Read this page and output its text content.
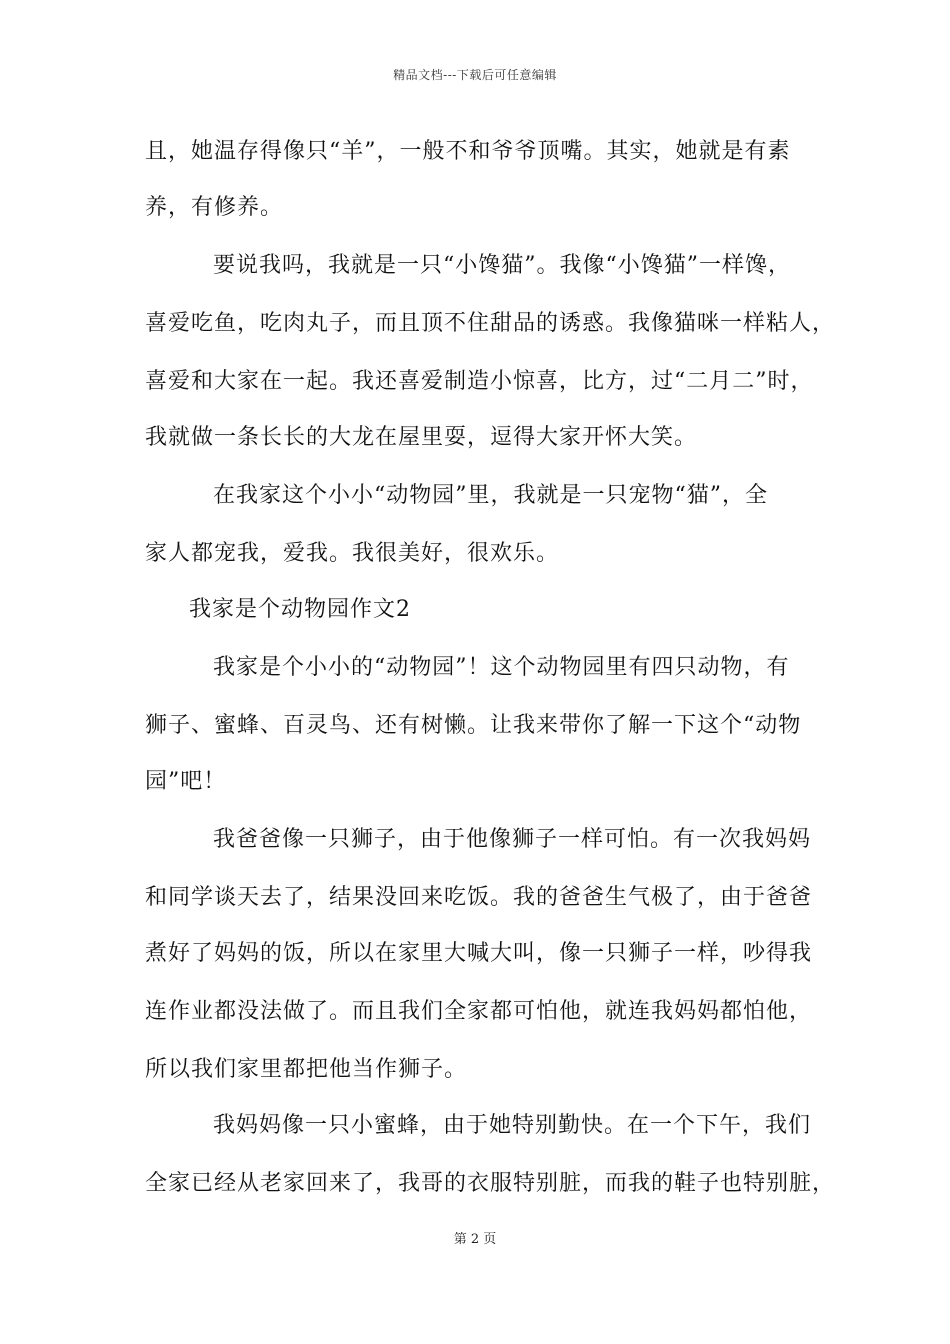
精品文档---下载后可任意编辑
且，她温存得像只“羊”，一般不和爷爷顶嘴。其实，她就是有素
养，有修养。
要说我吗，我就是一只“小馋猫”。我像“小馋猫”一样馋，
喜爱吃鱼，吃肉丸子，而且顶不住甜品的诱惑。我像猫咪一样粘人，
喜爱和大家在一起。我还喜爱制造小惊喜，比方，过“二月二”时，
我就做一条长长的大龙在屋里耍，逗得大家开怀大笑。
在我家这个小小“动物园”里，我就是一只宠物“猫”，全
家人都宠我，爱我。我很美好，很欢乐。
我家是个动物园作文2
我家是个小小的“动物园”！这个动物园里有四只动物，有
狮子、蜜蜂、百灵鸟、还有树懒。让我来带你了解一下这个“动物
园”吧！
我爸爸像一只狮子，由于他像狮子一样可怕。有一次我妈妈
和同学谈天去了，结果没回来吃饭。我的爸爸生气极了，由于爸爸
煮好了妈妈的饭，所以在家里大喊大叫，像一只狮子一样，吵得我
连作业都没法做了。而且我们全家都可怕他，就连我妈妈都怕他，
所以我们家里都把他当作狮子。
我妈妈像一只小蜜蜂，由于她特别勤快。在一个下午，我们
全家已经从老家回来了，我哥的衣服特别脏，而我的鞋子也特别脏，
第 2 页
